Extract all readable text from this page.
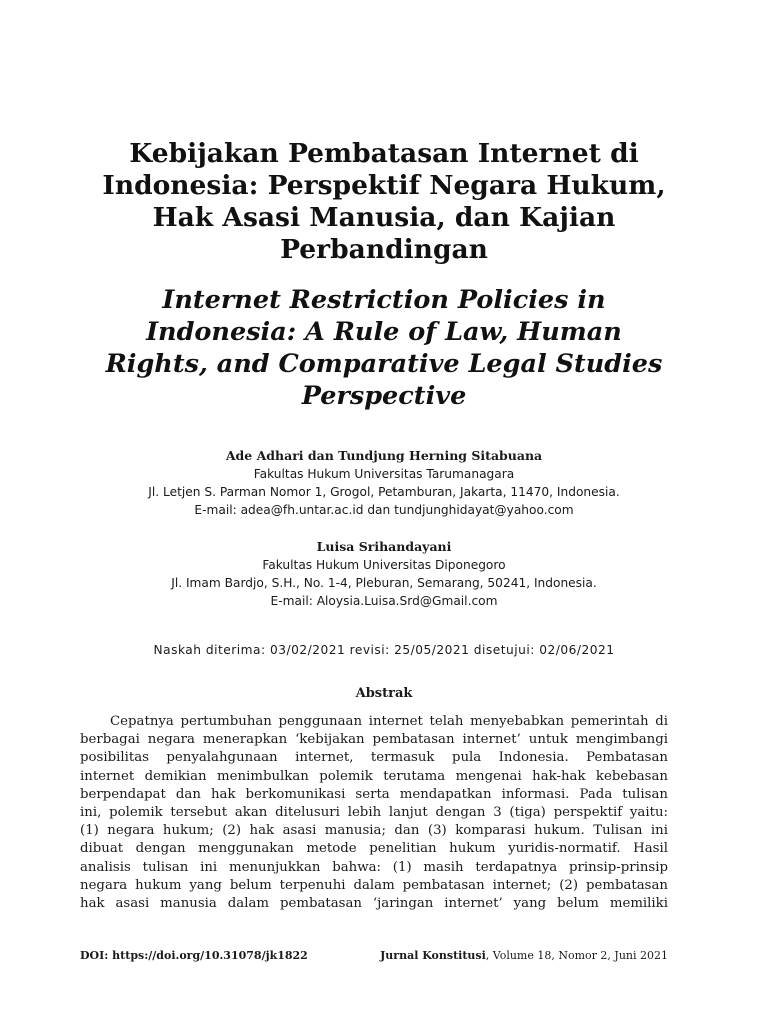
Kebijakan Pembatasan Internet di
Indonesia: Perspektif Negara Hukum,
Hak Asasi Manusia, dan Kajian
Perbandingan
Internet Restriction Policies in
Indonesia: A Rule of Law, Human
Rights, and Comparative Legal Studies
Perspective
Ade Adhari dan Tundjung Herning Sitabuana
Fakultas Hukum Universitas Tarumanagara
Jl. Letjen S. Parman Nomor 1, Grogol, Petamburan, Jakarta, 11470, Indonesia.
E-mail: adea@fh.untar.ac.id dan tundjunghidayat@yahoo.com
Luisa Srihandayani
Fakultas Hukum Universitas Diponegoro
Jl. Imam Bardjo, S.H., No. 1-4, Pleburan, Semarang, 50241, Indonesia.
E-mail: Aloysia.Luisa.Srd@Gmail.com
Naskah diterima: 03/02/2021 revisi: 25/05/2021 disetujui: 02/06/2021
Abstrak
Cepatnya pertumbuhan penggunaan internet telah menyebabkan pemerintah di
berbagai negara menerapkan ‘kebijakan pembatasan internet’ untuk mengimbangi
posibilitas penyalahgunaan internet, termasuk pula Indonesia. Pembatasan
internet demikian menimbulkan polemik terutama mengenai hak-hak kebebasan
berpendapat dan hak berkomunikasi serta mendapatkan informasi. Pada tulisan
ini, polemik tersebut akan ditelusuri lebih lanjut dengan 3 (tiga) perspektif yaitu:
(1) negara hukum; (2) hak asasi manusia; dan (3) komparasi hukum. Tulisan ini
dibuat dengan menggunakan metode penelitian hukum yuridis-normatif. Hasil
analisis tulisan ini menunjukkan bahwa: (1) masih terdapatnya prinsip-prinsip
negara hukum yang belum terpenuhi dalam pembatasan internet; (2) pembatasan
hak asasi manusia dalam pembatasan ‘jaringan internet’ yang belum memiliki
DOI: https://doi.org/10.31078/jk1822	Jurnal Konstitusi, Volume 18, Nomor 2, Juni 2021
